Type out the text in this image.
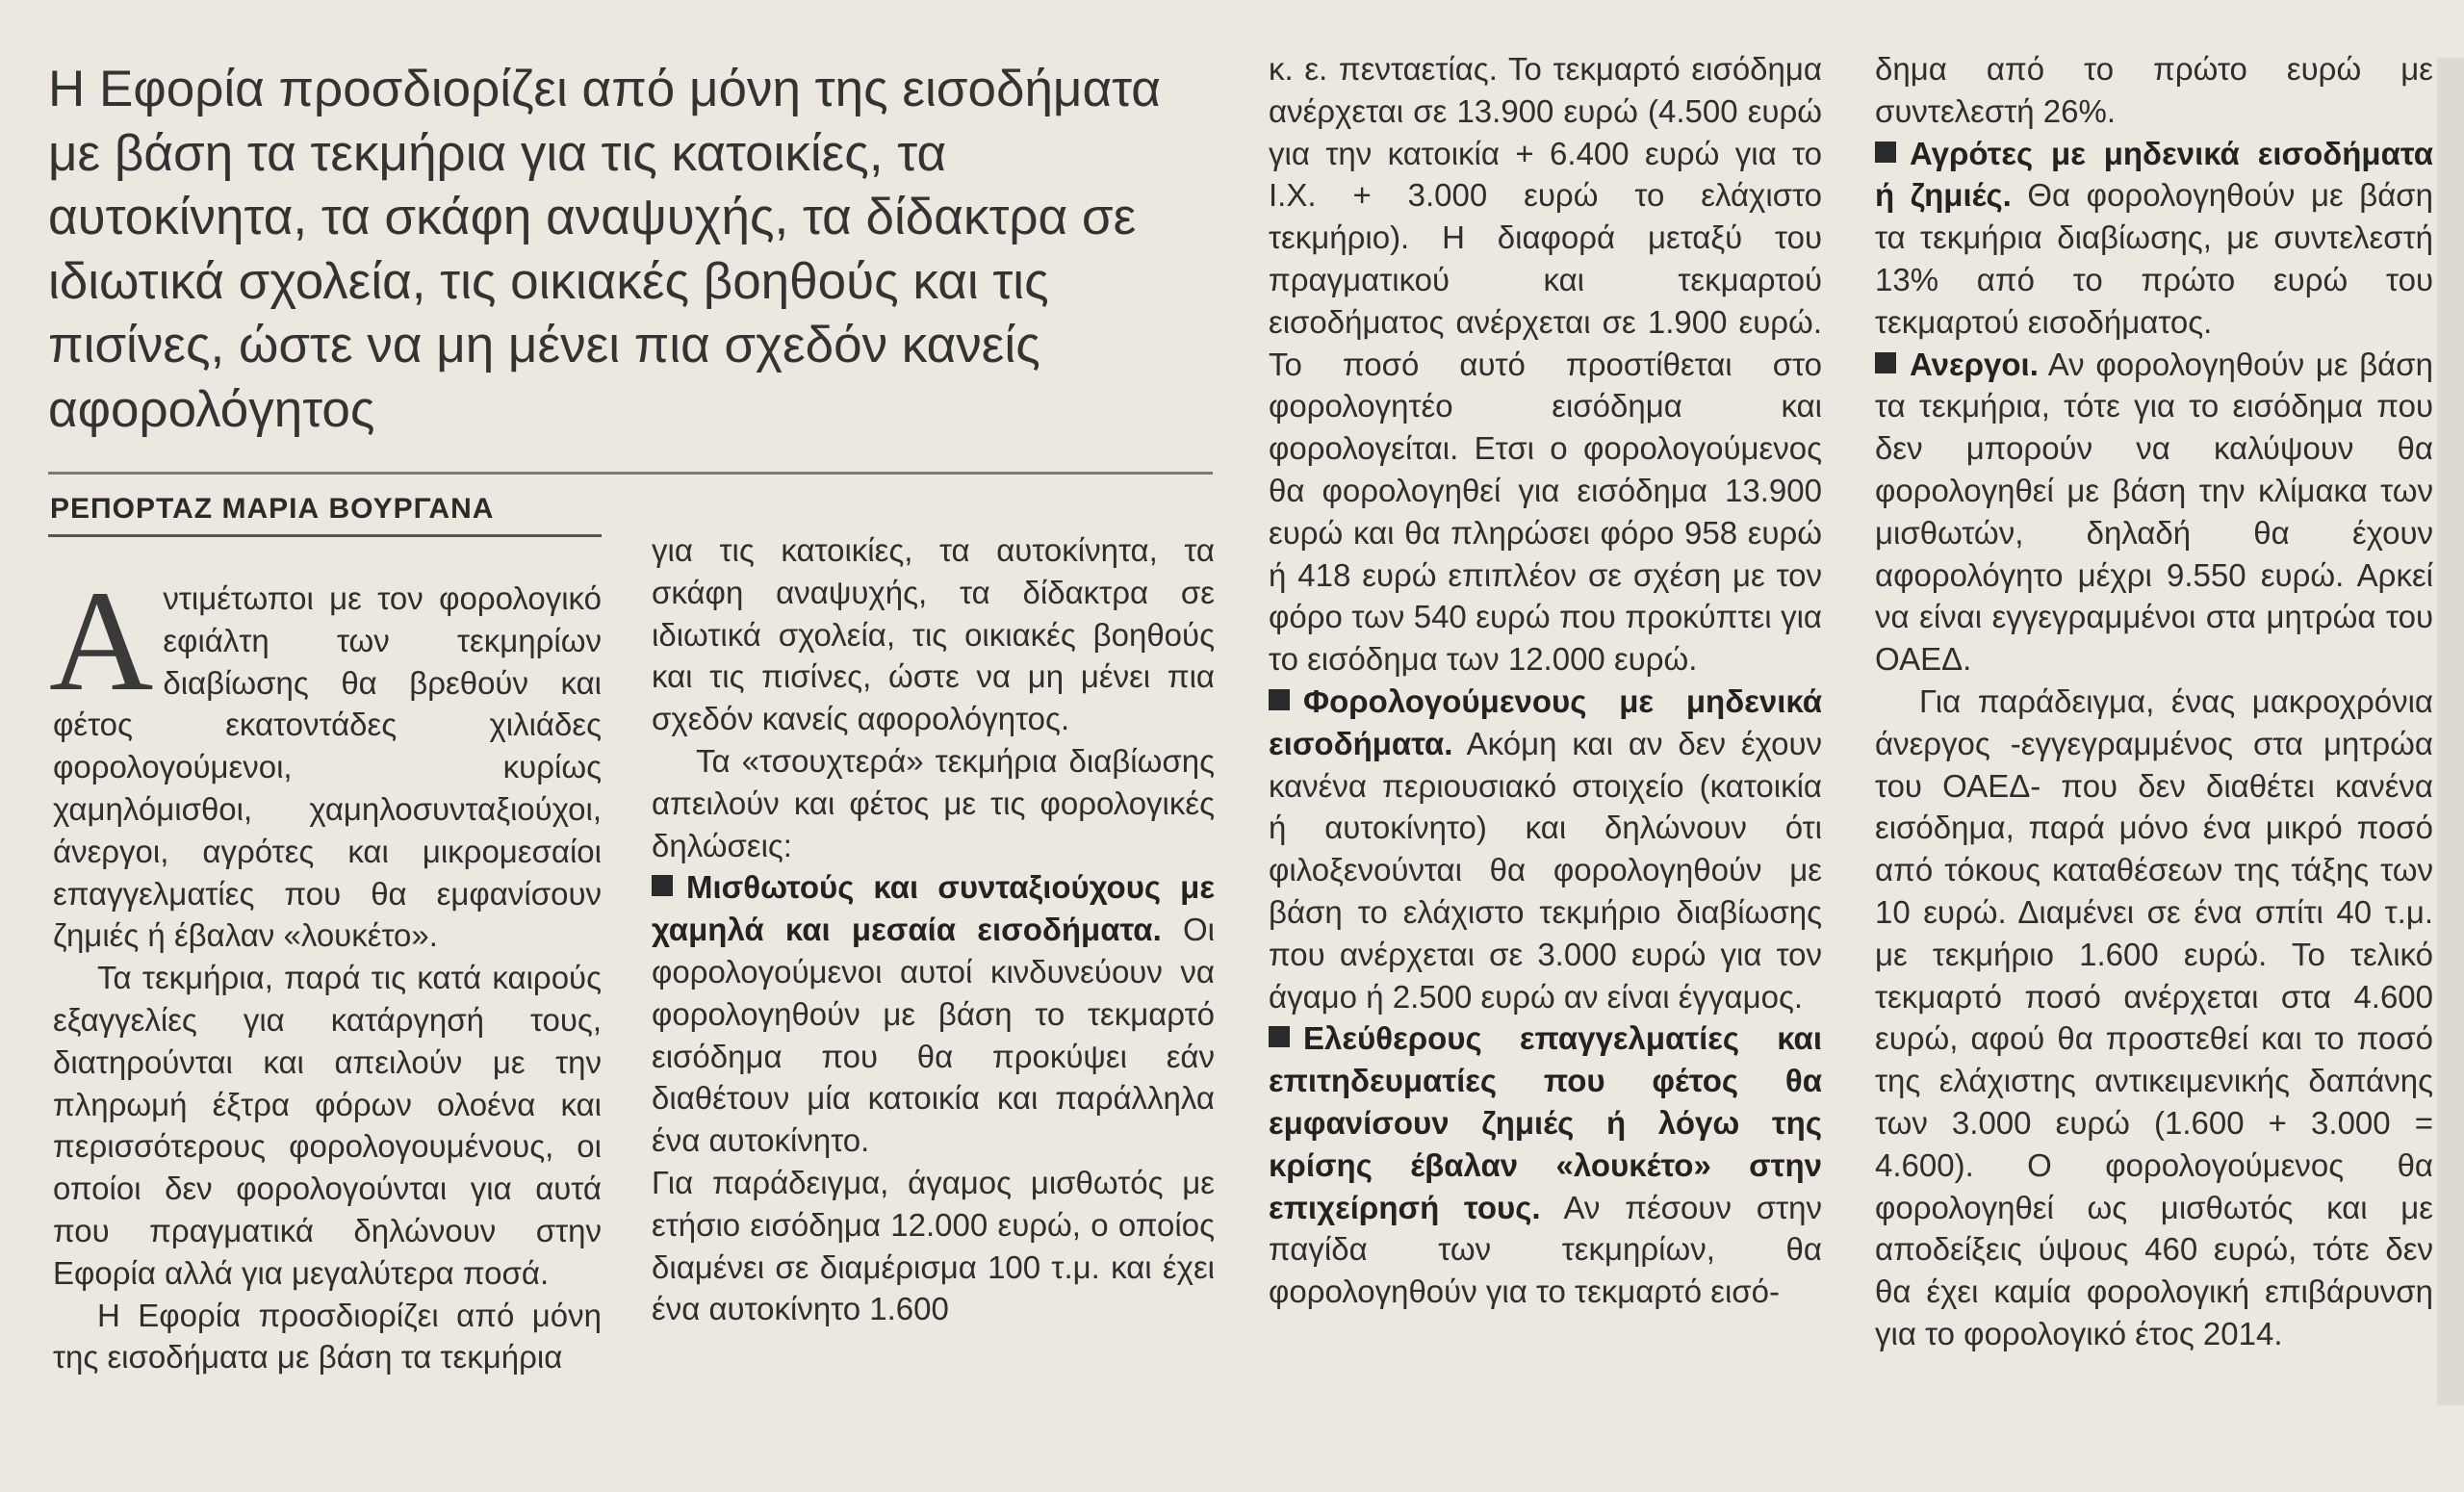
Η Εφορία προσδιορίζει από μόνη της εισοδήματα με βάση τα τεκμήρια για τις κατοικίες, τα αυτοκίνητα, τα σκάφη αναψυχής, τα δίδακτρα σε ιδιωτικά σχολεία, τις οικιακές βοηθούς και τις πισίνες, ώστε να μη μένει πια σχεδόν κανείς αφορολόγητος

ΡΕΠΟΡΤΑΖ ΜΑΡΙΑ ΒΟΥΡΓΑΝΑ

Αντιμέτωποι με τον φορολογικό εφιάλτη των τεκμηρίων διαβίωσης θα βρεθούν και φέτος εκατοντάδες χιλιάδες φορολογούμενοι, κυρίως χαμηλόμισθοι, χαμηλοσυνταξιούχοι, άνεργοι, αγρότες και μικρομεσαίοι επαγγελματίες που θα εμφανίσουν ζημιές ή έβαλαν «λουκέτο».

Τα τεκμήρια, παρά τις κατά καιρούς εξαγγελίες για κατάργησή τους, διατηρούνται και απειλούν με την πληρωμή έξτρα φόρων ολοένα και περισσότερους φορολογουμένους, οι οποίοι δεν φορολογούνται για αυτά που πραγματικά δηλώνουν στην Εφορία αλλά για μεγαλύτερα ποσά.

Η Εφορία προσδιορίζει από μόνη της εισοδήματα με βάση τα τεκμήρια

για τις κατοικίες, τα αυτοκίνητα, τα σκάφη αναψυχής, τα δίδακτρα σε ιδιωτικά σχολεία, τις οικιακές βοηθούς και τις πισίνες, ώστε να μη μένει πια σχεδόν κανείς αφορολόγητος.

Τα «τσουχτερά» τεκμήρια διαβίωσης απειλούν και φέτος με τις φορολογικές δηλώσεις:

Μισθωτούς και συνταξιούχους με χαμηλά και μεσαία εισοδήματα. Οι φορολογούμενοι αυτοί κινδυνεύουν να φορολογηθούν με βάση το τεκμαρτό εισόδημα που θα προκύψει εάν διαθέτουν μία κατοικία και παράλληλα ένα αυτοκίνητο.

Για παράδειγμα, άγαμος μισθωτός με ετήσιο εισόδημα 12.000 ευρώ, ο οποίος διαμένει σε διαμέρισμα 100 τ.μ. και έχει ένα αυτοκίνητο 1.600

κ. ε. πενταετίας. Το τεκμαρτό εισόδημα ανέρχεται σε 13.900 ευρώ (4.500 ευρώ για την κατοικία + 6.400 ευρώ για το Ι.Χ. + 3.000 ευρώ το ελάχιστο τεκμήριο). Η διαφορά μεταξύ του πραγματικού και τεκμαρτού εισοδήματος ανέρχεται σε 1.900 ευρώ. Το ποσό αυτό προστίθεται στο φορολογητέο εισόδημα και φορολογείται. Ετσι ο φορολογούμενος θα φορολογηθεί για εισόδημα 13.900 ευρώ και θα πληρώσει φόρο 958 ευρώ ή 418 ευρώ επιπλέον σε σχέση με τον φόρο των 540 ευρώ που προκύπτει για το εισόδημα των 12.000 ευρώ.

Φορολογούμενους με μηδενικά εισοδήματα. Ακόμη και αν δεν έχουν κανένα περιουσιακό στοιχείο (κατοικία ή αυτοκίνητο) και δηλώνουν ότι φιλοξενούνται θα φορολογηθούν με βάση το ελάχιστο τεκμήριο διαβίωσης που ανέρχεται σε 3.000 ευρώ για τον άγαμο ή 2.500 ευρώ αν είναι έγγαμος.

Ελεύθερους επαγγελματίες και επιτηδευματίες που φέτος θα εμφανίσουν ζημιές ή λόγω της κρίσης έβαλαν «λουκέτο» στην επιχείρησή τους. Αν πέσουν στην παγίδα των τεκμηρίων, θα φορολογηθούν για το τεκμαρτό εισό-

δημα από το πρώτο ευρώ με συντελεστή 26%.

Αγρότες με μηδενικά εισοδήματα ή ζημιές. Θα φορολογηθούν με βάση τα τεκμήρια διαβίωσης, με συντελεστή 13% από το πρώτο ευρώ του τεκμαρτού εισοδήματος.

Ανεργοι. Αν φορολογηθούν με βάση τα τεκμήρια, τότε για το εισόδημα που δεν μπορούν να καλύψουν θα φορολογηθεί με βάση την κλίμακα των μισθωτών, δηλαδή θα έχουν αφορολόγητο μέχρι 9.550 ευρώ. Αρκεί να είναι εγγεγραμμένοι στα μητρώα του ΟΑΕΔ.

Για παράδειγμα, ένας μακροχρόνια άνεργος -εγγεγραμμένος στα μητρώα του ΟΑΕΔ- που δεν διαθέτει κανένα εισόδημα, παρά μόνο ένα μικρό ποσό από τόκους καταθέσεων της τάξης των 10 ευρώ. Διαμένει σε ένα σπίτι 40 τ.μ. με τεκμήριο 1.600 ευρώ. Το τελικό τεκμαρτό ποσό ανέρχεται στα 4.600 ευρώ, αφού θα προστεθεί και το ποσό της ελάχιστης αντικειμενικής δαπάνης των 3.000 ευρώ (1.600 + 3.000 = 4.600). Ο φορολογούμενος θα φορολογηθεί ως μισθωτός και με αποδείξεις ύψους 460 ευρώ, τότε δεν θα έχει καμία φορολογική επιβάρυνση για το φορολογικό έτος 2014.
